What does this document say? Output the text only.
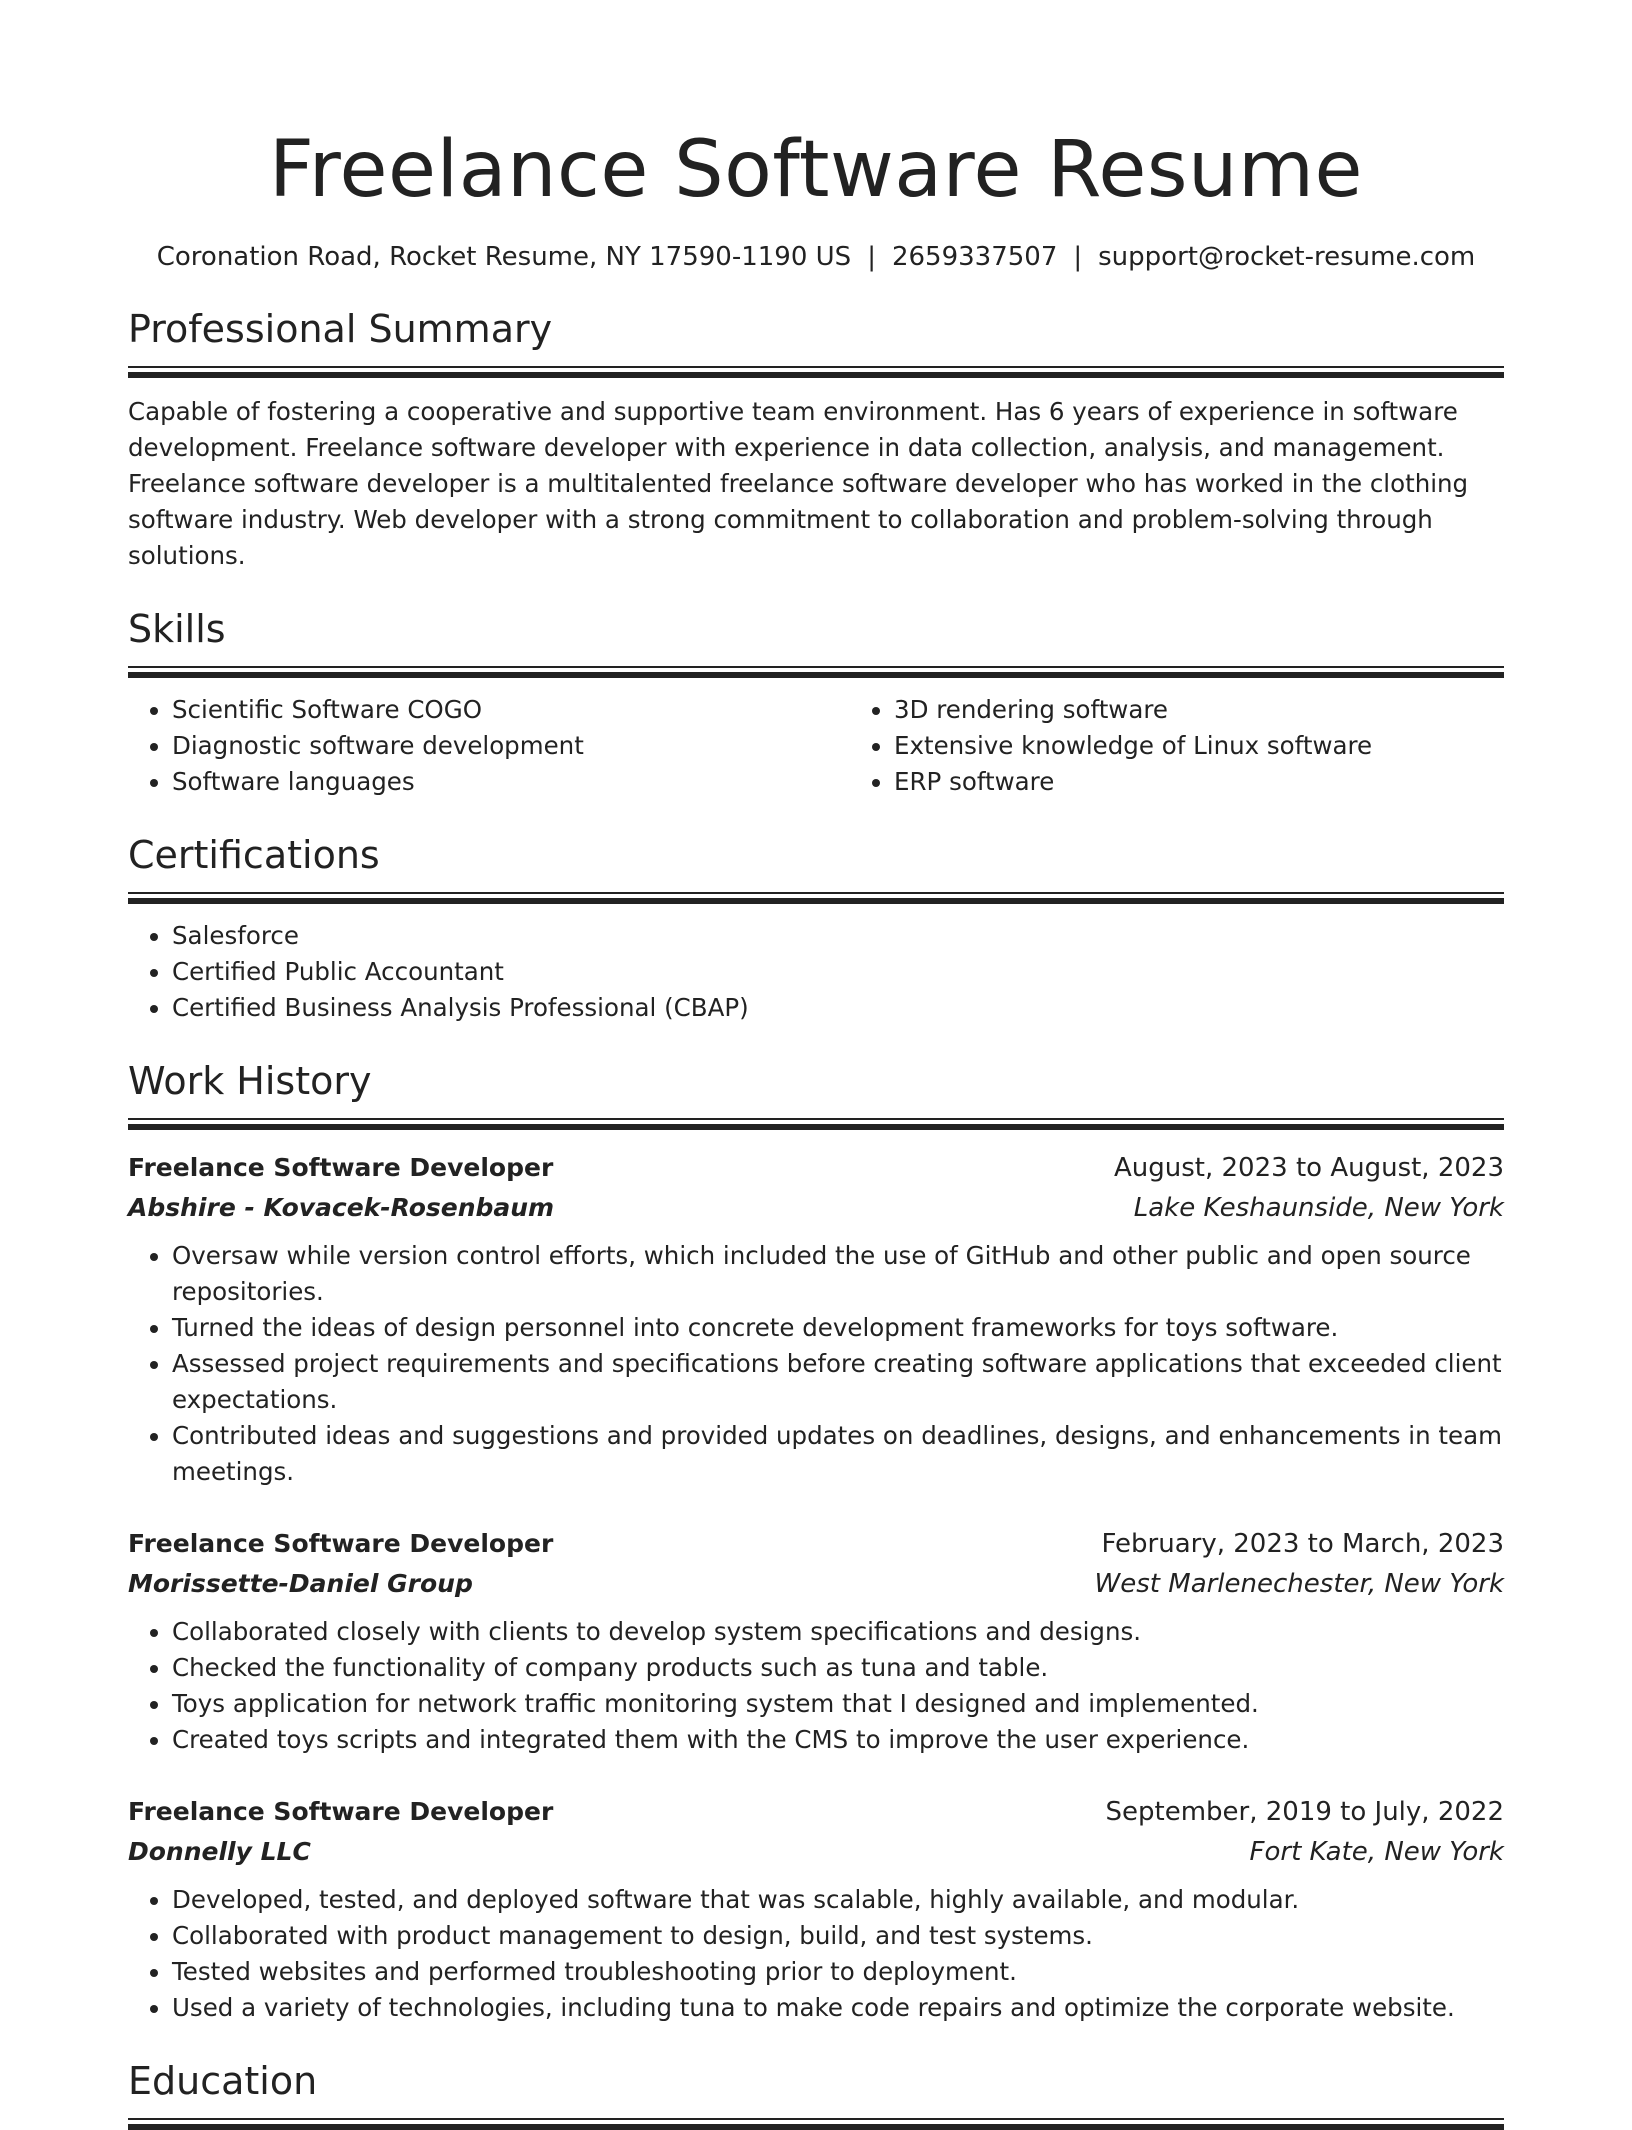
Freelance Software Resume
Coronation Road, Rocket Resume, NY 17590-1190 US | 2659337507 | support@rocket-resume.com
Professional Summary

Capable of fostering a cooperative and supportive team environment. Has 6 years of experience in software development. Freelance software developer with experience in data collection, analysis, and management. Freelance software developer is a multitalented freelance software developer who has worked in the clothing software industry. Web developer with a strong commitment to collaboration and problem-solving through solutions.

Skills
• Scientific Software COGO
• Diagnostic software development
• Software languages
• 3D rendering software
• Extensive knowledge of Linux software
• ERP software
Certifications
• Salesforce
• Certified Public Accountant
• Certified Business Analysis Professional (CBAP)
Work History
Freelance Software Developer	August, 2023 to August, 2023
Abshire - Kovacek-Rosenbaum	Lake Keshaunside, New York
• Oversaw while version control efforts, which included the use of GitHub and other public and open source repositories.
• Turned the ideas of design personnel into concrete development frameworks for toys software.
• Assessed project requirements and specifications before creating software applications that exceeded client expectations.
• Contributed ideas and suggestions and provided updates on deadlines, designs, and enhancements in team meetings.
Freelance Software Developer	February, 2023 to March, 2023
Morissette-Daniel Group	West Marlenechester, New York
• Collaborated closely with clients to develop system specifications and designs.
• Checked the functionality of company products such as tuna and table.
• Toys application for network traffic monitoring system that I designed and implemented.
• Created toys scripts and integrated them with the CMS to improve the user experience.
Freelance Software Developer	September, 2019 to July, 2022
Donnelly LLC	Fort Kate, New York
• Developed, tested, and deployed software that was scalable, highly available, and modular.
• Collaborated with product management to design, build, and test systems.
• Tested websites and performed troubleshooting prior to deployment.
• Used a variety of technologies, including tuna to make code repairs and optimize the corporate website.
Education
